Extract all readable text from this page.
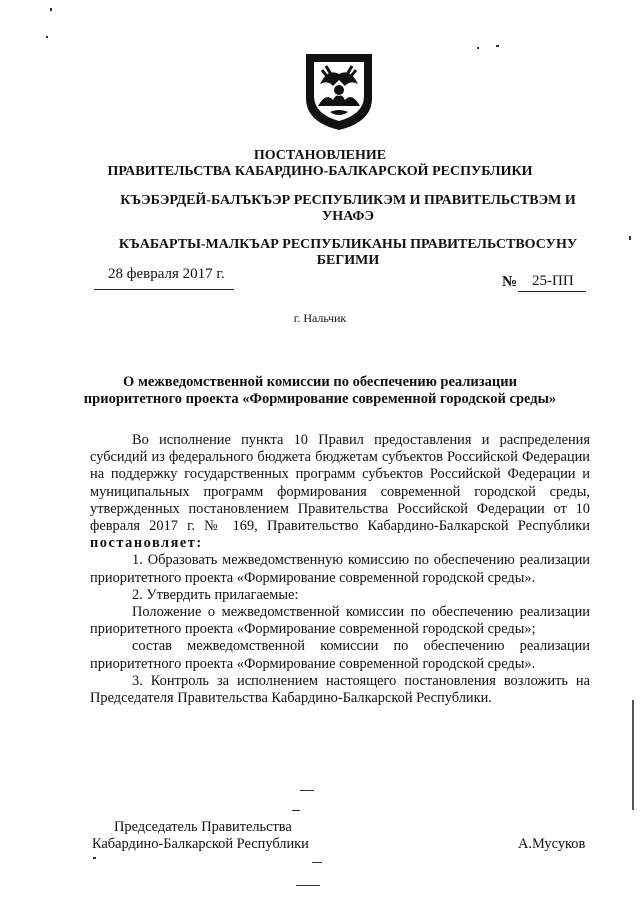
ПОСТАНОВЛЕНИЕ
ПРАВИТЕЛЬСТВА КАБАРДИНО-БАЛКАРСКОЙ РЕСПУБЛИКИ
КЪЭБЭРДЕЙ-БАЛЪКЪЭР РЕСПУБЛИКЭМ И ПРАВИТЕЛЬСТВЭМ И
УНАФЭ
КЪАБАРТЫ-МАЛКЪАР РЕСПУБЛИКАНЫ ПРАВИТЕЛЬСТВОСУНУ
БЕГИМИ
28 февраля 2017 г.	№ 25-ПП
г. Нальчик
О межведомственной комиссии по обеспечению реализации
приоритетного проекта «Формирование современной городской среды»

Во исполнение пункта 10 Правил предоставления и распределения субсидий из федерального бюджета бюджетам субъектов Российской Федерации на поддержку государственных программ субъектов Российской Федерации и муниципальных программ формирования современной городской среды, утвержденных постановлением Правительства Российской Федерации от 10 февраля 2017 г. № 169, Правительство Кабардино-Балкарской Республики постановляет:

1. Образовать межведомственную комиссию по обеспечению реализации приоритетного проекта «Формирование современной городской среды».

2. Утвердить прилагаемые:

Положение о межведомственной комиссии по обеспечению реализации приоритетного проекта «Формирование современной городской среды»;

состав межведомственной комиссии по обеспечению реализации приоритетного проекта «Формирование современной городской среды».

3. Контроль за исполнением настоящего постановления возложить на Председателя Правительства Кабардино-Балкарской Республики.

Председатель Правительства
Кабардино-Балкарской Республики	А.Мусуков
